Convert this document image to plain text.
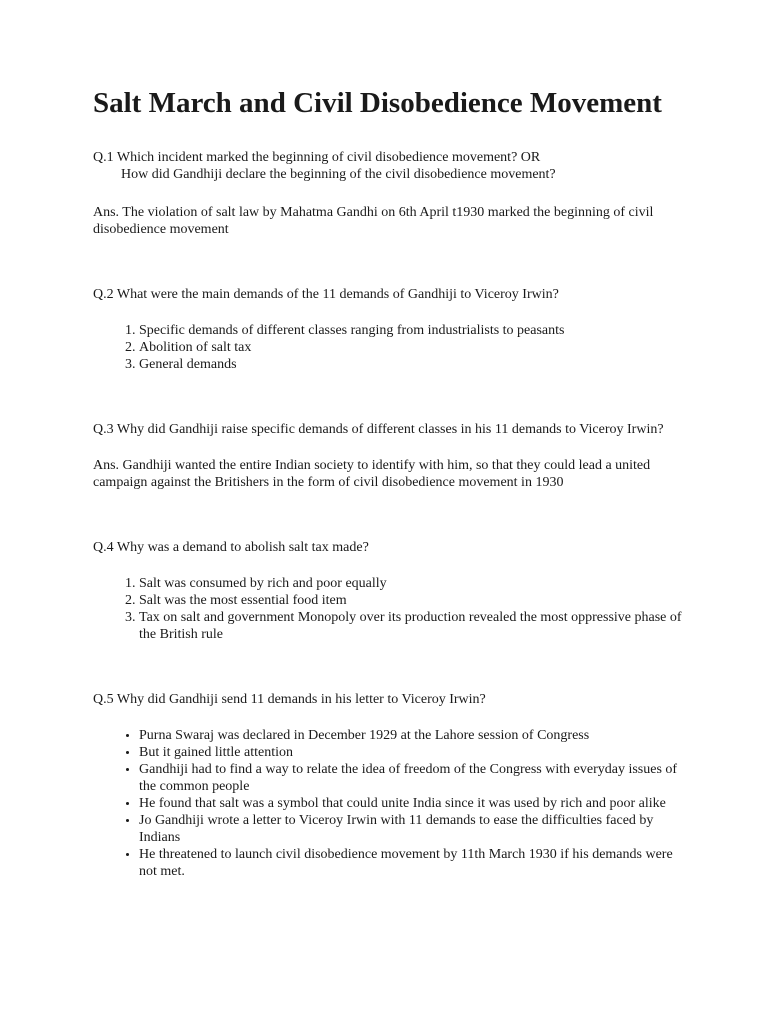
Salt March and Civil Disobedience Movement
Q.1 Which incident marked the beginning of civil disobedience movement? OR
How did Gandhiji declare the beginning of the civil disobedience movement?
Ans. The violation of salt law by Mahatma Gandhi on 6th April t1930 marked the beginning of civil disobedience movement
Q.2 What were the main demands of the 11 demands of Gandhiji to Viceroy Irwin?
1. Specific demands of different classes ranging from industrialists to peasants
2. Abolition of salt tax
3. General demands
Q.3 Why did Gandhiji raise specific demands of different classes in his 11 demands to Viceroy Irwin?
Ans. Gandhiji wanted the entire Indian society to identify with him, so that they could lead a united campaign against the Britishers in the form of civil disobedience movement in 1930
Q.4 Why was a demand to abolish salt tax made?
1. Salt was consumed by rich and poor equally
2. Salt was the most essential food item
3. Tax on salt and government Monopoly over its production revealed the most oppressive phase of the British rule
Q.5 Why did Gandhiji send 11 demands in his letter to Viceroy Irwin?
• Purna Swaraj was declared in December 1929 at the Lahore session of Congress
• But it gained little attention
• Gandhiji had to find a way to relate the idea of freedom of the Congress with everyday issues of the common people
• He found that salt was a symbol that could unite India since it was used by rich and poor alike
• Jo Gandhiji wrote a letter to Viceroy Irwin with 11 demands to ease the difficulties faced by Indians
• He threatened to launch civil disobedience movement by 11th March 1930 if his demands were not met.
